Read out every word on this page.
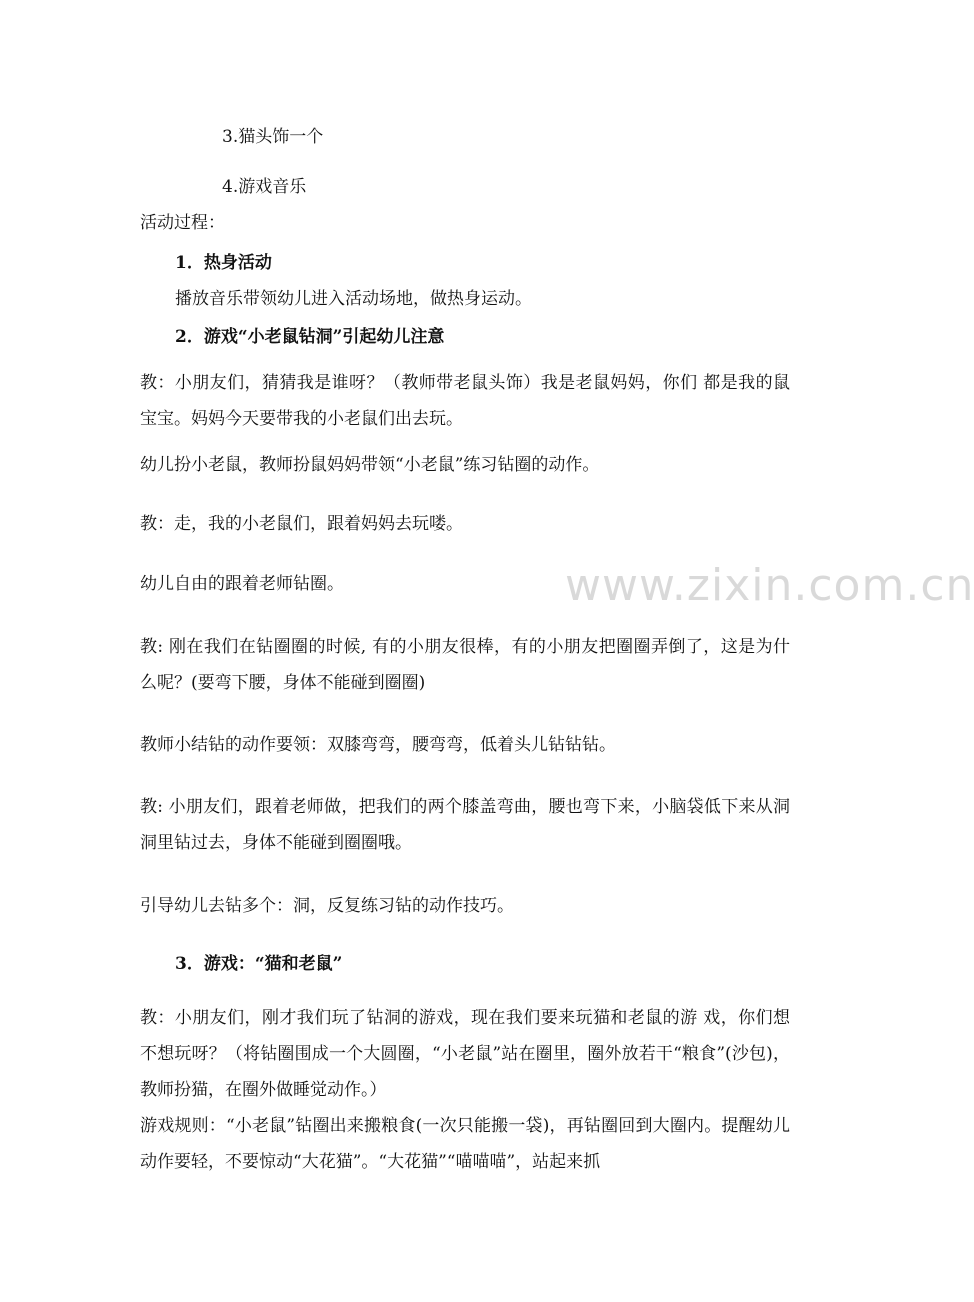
www.zixin.com.cn
3.猫头饰一个
4.游戏音乐
活动过程：
1．热身活动
播放音乐带领幼儿进入活动场地，做热身运动。
2．游戏“小老鼠钻洞”引起幼儿注意
教：小朋友们，猜猜我是谁呀？（教师带老鼠头饰）我是老鼠妈妈，你们 都是我的鼠宝宝。妈妈今天要带我的小老鼠们出去玩。
幼儿扮小老鼠，教师扮鼠妈妈带领“小老鼠”练习钻圈的动作。
教：走，我的小老鼠们，跟着妈妈去玩喽。
幼儿自由的跟着老师钻圈。
教: 刚在我们在钻圈圈的时候, 有的小朋友很棒，有的小朋友把圈圈弄倒了，这是为什么呢？(要弯下腰，身体不能碰到圈圈)
教师小结钻的动作要领：双膝弯弯，腰弯弯，低着头儿钻钻钻。
教: 小朋友们，跟着老师做，把我们的两个膝盖弯曲，腰也弯下来，小脑袋低下来从洞洞里钻过去，身体不能碰到圈圈哦。
引导幼儿去钻多个：洞，反复练习钻的动作技巧。
3．游戏：“猫和老鼠”
教：小朋友们，刚才我们玩了钻洞的游戏，现在我们要来玩猫和老鼠的游 戏，你们想不想玩呀？（将钻圈围成一个大圆圈，“小老鼠”站在圈里，圈外放若干“粮食”(沙包)，教师扮猫，在圈外做睡觉动作。）
游戏规则：“小老鼠”钻圈出来搬粮食(一次只能搬一袋)，再钻圈回到大圈内。提醒幼儿动作要轻，不要惊动“大花猫”。“大花猫”“喵喵喵”，站起来抓
